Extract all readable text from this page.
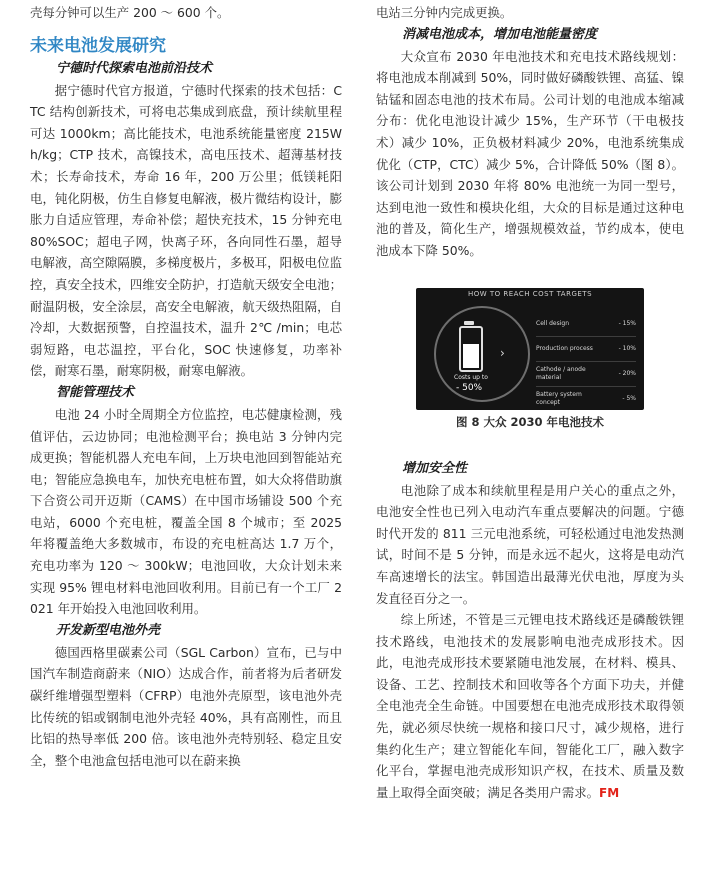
壳每分钟可以生产 200 ～ 600 个。

未来电池发展研究
宁德时代探索电池前沿技术

据宁德时代官方报道，宁德时代探索的技术包括：CTC 结构创新技术，可将电芯集成到底盘，预计续航里程可达 1000km；高比能技术，电池系统能量密度 215Wh/kg；CTP 技术，高镍技术，高电压技术、超薄基材技术；长寿命技术，寿命 16 年，200 万公里；低镁耗阳电，钝化阴极，仿生自修复电解液，极片微结构设计，膨胀力自适应管理，寿命补偿；超快充技术，15 分钟充电 80%SOC；超电子网，快离子环，各向同性石墨，超导电解液，高空隙隔膜，多梯度极片，多极耳，阳极电位监控，真安全技术，四维安全防护，打造航天级安全电池；耐温阴极，安全涂层，高安全电解液，航天级热阻隔，自冷却，大数据预警，自控温技术，温升 2℃ /min；电芯弱短路，电芯温控，平台化，SOC 快速修复，功率补偿，耐寒石墨，耐寒阴极，耐寒电解液。

智能管理技术

电池 24 小时全周期全方位监控，电芯健康检测，残值评估，云边协同；电池检测平台；换电站 3 分钟内完成更换；智能机器人充电车间，上万块电池回到智能站充电；智能应急换电车，加快充电桩布置，如大众将借助旗下合资公司开迈斯（CAMS）在中国市场铺设 500 个充电站，6000 个充电桩，覆盖全国 8 个城市；至 2025 年将覆盖绝大多数城市，布设的充电桩高达 1.7 万个，充电功率为 120 ～ 300kW；电池回收，大众计划未来实现 95% 锂电材料电池回收利用。目前已有一个工厂 2021 年开始投入电池回收利用。

开发新型电池外壳

德国西格里碳素公司（SGL Carbon）宣布，已与中国汽车制造商蔚来（NIO）达成合作，前者将为后者研发碳纤维增强型塑料（CFRP）电池外壳原型，该电池外壳比传统的铝或钢制电池外壳轻 40%，具有高刚性，而且比铝的热导率低 200 倍。该电池外壳特别轻、稳定且安全，整个电池盒包括电池可以在蔚来换

电站三分钟内完成更换。

消减电池成本，增加电池能量密度

大众宣布 2030 年电池技术和充电技术路线规划：将电池成本削减到 50%，同时做好磷酸铁锂、高猛、镍钴锰和固态电池的技术布局。公司计划的电池成本缩减分布：优化电池设计减少 15%，生产环节（干电极技术）减少 10%，正负极材料减少 20%，电池系统集成优化（CTP，CTC）减少 5%，合计降低 50%（图 8）。该公司计划到 2030 年将 80% 电池统一为同一型号，达到电池一致性和模块化组，大众的目标是通过这种电池的普及，简化生产，增强规模效益，节约成本，使电池成本下降 50%。

HOW TO REACH COST TARGETS
›
Costs up to
- 50%
Cell design	- 15%
Production process	- 10%
Cathode / anode material	- 20%
Battery system concept	- 5%
图 8 大众 2030 年电池技术
增加安全性

电池除了成本和续航里程是用户关心的重点之外，电池安全性也已列入电动汽车重点要解决的问题。宁德时代开发的 811 三元电池系统，可轻松通过电池发热测试，时间不是 5 分钟，而是永远不起火，这将是电动汽车高速增长的法宝。韩国造出最薄光伏电池，厚度为头发直径百分之一。

综上所述，不管是三元锂电技术路线还是磷酸铁锂技术路线，电池技术的发展影响电池壳成形技术。因此，电池壳成形技术要紧随电池发展，在材料、模具、设备、工艺、控制技术和回收等各个方面下功夫，并健全电池壳全生命链。中国要想在电池壳成形技术取得领先，就必须尽快统一规格和接口尺寸，减少规格，进行集约化生产；建立智能化车间，智能化工厂，融入数字化平台，掌握电池壳成形知识产权，在技术、质量及数量上取得全面突破；满足各类用户需求。FM
